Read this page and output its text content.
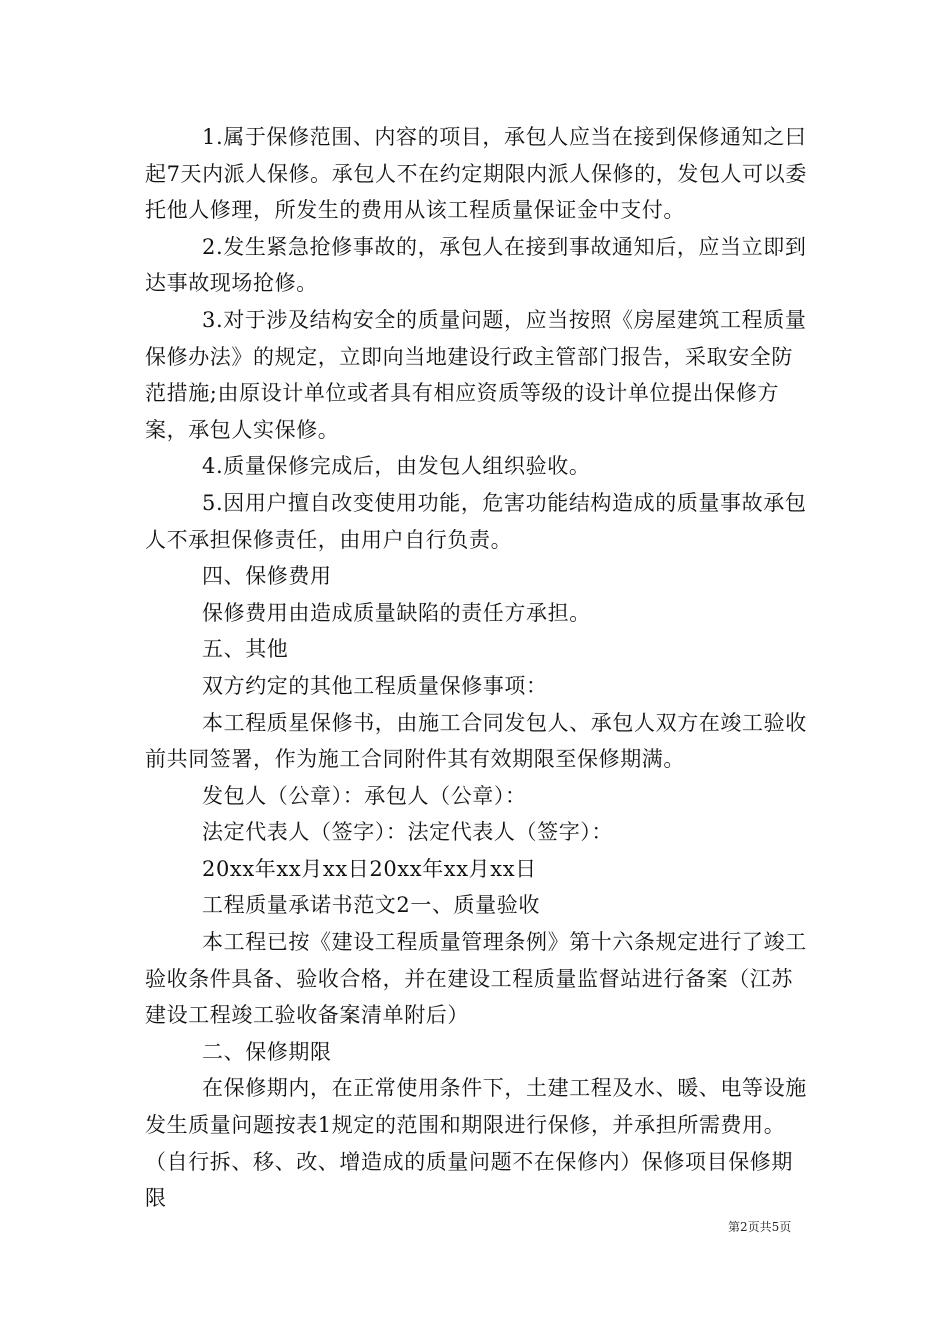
1.属于保修范围、内容的项目，承包人应当在接到保修通知之曰起7天内派人保修。承包人不在约定期限内派人保修的，发包人可以委托他人修理，所发生的费用从该工程质量保证金中支付。

2.发生紧急抢修事故的，承包人在接到事故通知后，应当立即到达事故现场抢修。

3.对于涉及结构安全的质量问题，应当按照《房屋建筑工程质量保修办法》的规定，立即向当地建设行政主管部门报告，采取安全防范措施;由原设计单位或者具有相应资质等级的设计单位提出保修方案，承包人实保修。

4.质量保修完成后，由发包人组织验收。

5.因用户擅自改变使用功能，危害功能结构造成的质量事故承包人不承担保修责任，由用户自行负责。

四、保修费用

保修费用由造成质量缺陷的责任方承担。

五、其他

双方约定的其他工程质量保修事项：

本工程质星保修书，由施工合同发包人、承包人双方在竣工验收前共同签署，作为施工合同附件其有效期限至保修期满。

发包人（公章）：承包人（公章）：

法定代表人（签字）：法定代表人（签字）：

20xx年xx月xx日20xx年xx月xx日

工程质量承诺书范文2一、质量验收

本工程已按《建设工程质量管理条例》第十六条规定进行了竣工验收条件具备、验收合格，并在建设工程质量监督站进行备案（江苏建设工程竣工验收备案清单附后）

二、保修期限

在保修期内，在正常使用条件下，土建工程及水、暖、电等设施发生质量问题按表1规定的范围和期限进行保修，并承担所需费用。（自行拆、移、改、增造成的质量问题不在保修内）保修项目保修期限

第2页共5页
